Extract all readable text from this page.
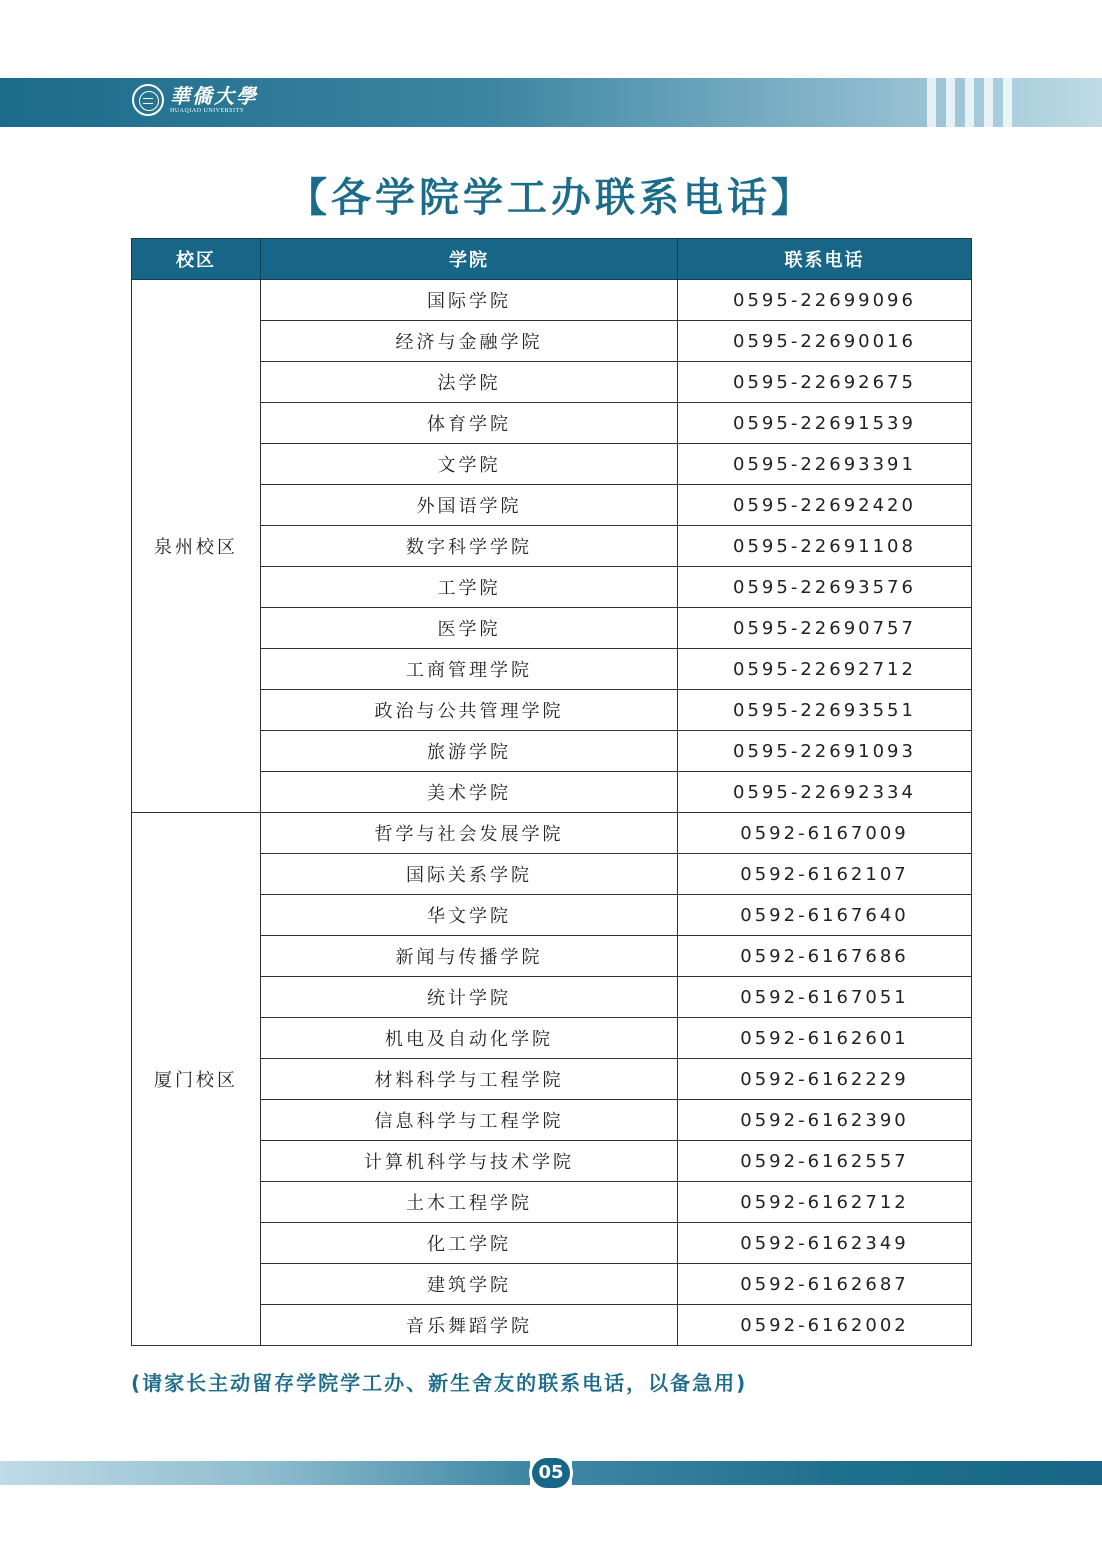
華僑大學
HUAQIAO UNIVERSITY
【各学院学工办联系电话】
校区	学院	联系电话
泉州校区	国际学院	0595-22699096
	经济与金融学院	0595-22690016
	法学院	0595-22692675
	体育学院	0595-22691539
	文学院	0595-22693391
	外国语学院	0595-22692420
	数字科学学院	0595-22691108
	工学院	0595-22693576
	医学院	0595-22690757
	工商管理学院	0595-22692712
	政治与公共管理学院	0595-22693551
	旅游学院	0595-22691093
	美术学院	0595-22692334
厦门校区	哲学与社会发展学院	0592-6167009
	国际关系学院	0592-6162107
	华文学院	0592-6167640
	新闻与传播学院	0592-6167686
	统计学院	0592-6167051
	机电及自动化学院	0592-6162601
	材料科学与工程学院	0592-6162229
	信息科学与工程学院	0592-6162390
	计算机科学与技术学院	0592-6162557
	土木工程学院	0592-6162712
	化工学院	0592-6162349
	建筑学院	0592-6162687
	音乐舞蹈学院	0592-6162002
(请家长主动留存学院学工办、新生舍友的联系电话，以备急用)
05
